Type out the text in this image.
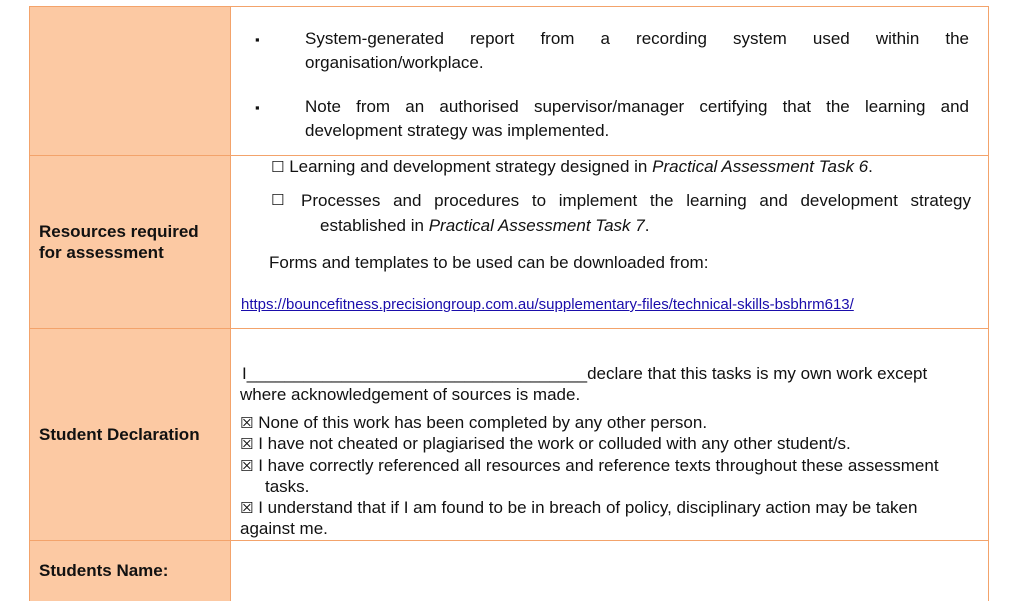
▪	System-generated report from a recording system used within the
organisation/workplace.
▪	Note from an authorised supervisor/manager certifying that the learning and
development strategy was implemented.
Resources required
for assessment
☐ Learning and development strategy designed in Practical Assessment Task 6.
☐ Processes and procedures to implement the learning and development strategy
established in Practical Assessment Task 7.
Forms and templates to be used can be downloaded from:
https://bouncefitness.precisiongroup.com.au/supplementary-files/technical-skills-bsbhrm613/
Student Declaration
I____________________________________declare that this tasks is my own work except
where acknowledgement of sources is made.
☒ None of this work has been completed by any other person.
☒ I have not cheated or plagiarised the work or colluded with any other student/s.
☒ I have correctly referenced all resources and reference texts throughout these assessment
tasks.
☒ I understand that if I am found to be in breach of policy, disciplinary action may be taken
against me.
Students Name:
